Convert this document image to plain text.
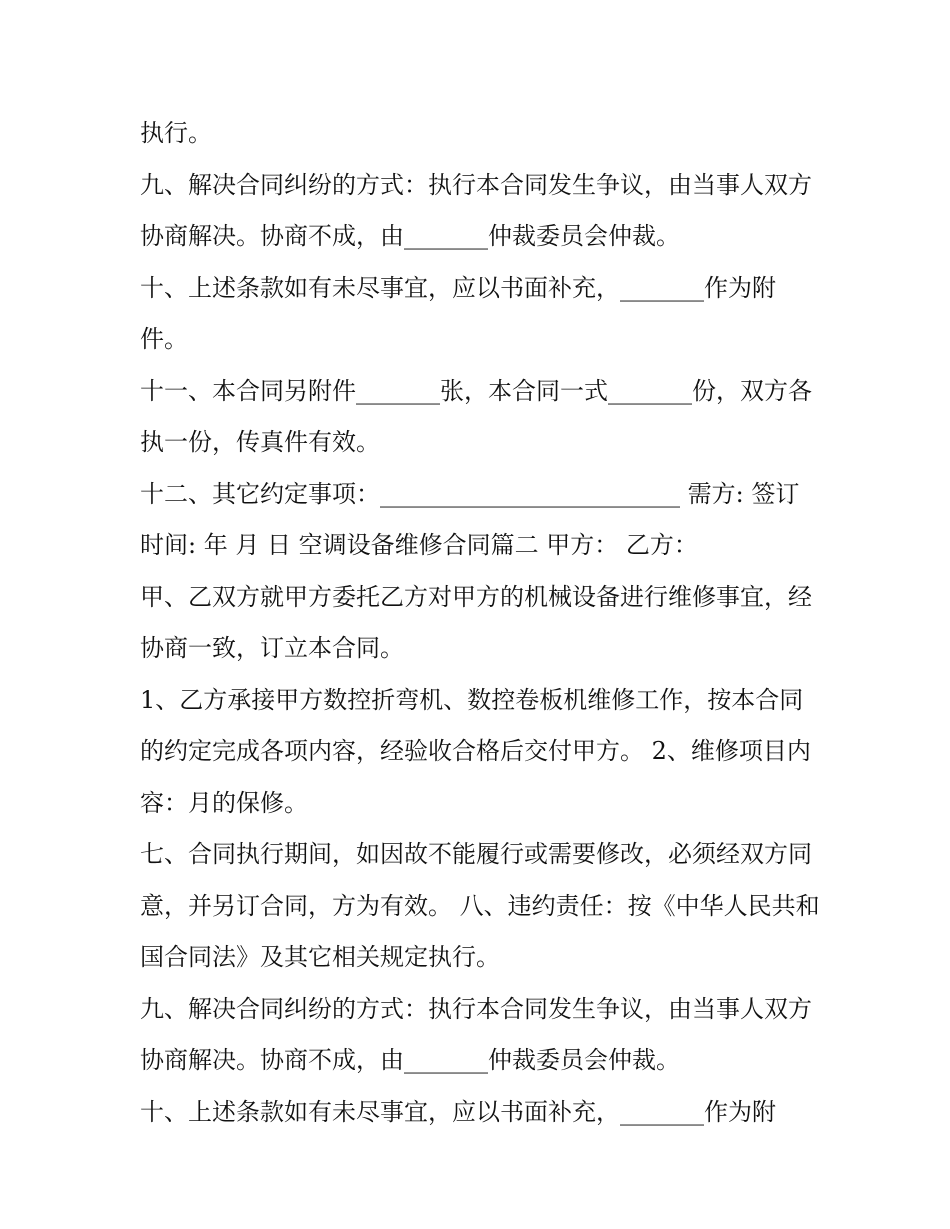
执行。

九、解决合同纠纷的方式：执行本合同发生争议，由当事人双方协商解决。协商不成，由_______仲裁委员会仲裁。

十、上述条款如有未尽事宜，应以书面补充，_______作为附件。

十一、本合同另附件_______张，本合同一式_______份，双方各执一份，传真件有效。

十二、其它约定事项：_________________________ 需方: 签订时间: 年 月 日 空调设备维修合同篇二 甲方： 乙方：

甲、乙双方就甲方委托乙方对甲方的机械设备进行维修事宜，经协商一致，订立本合同。

1、乙方承接甲方数控折弯机、数控卷板机维修工作，按本合同的约定完成各项内容，经验收合格后交付甲方。 2、维修项目内容：月的保修。

七、合同执行期间，如因故不能履行或需要修改，必须经双方同意，并另订合同，方为有效。 八、违约责任：按《中华人民共和国合同法》及其它相关规定执行。

九、解决合同纠纷的方式：执行本合同发生争议，由当事人双方协商解决。协商不成，由_______仲裁委员会仲裁。

十、上述条款如有未尽事宜，应以书面补充，_______作为附
